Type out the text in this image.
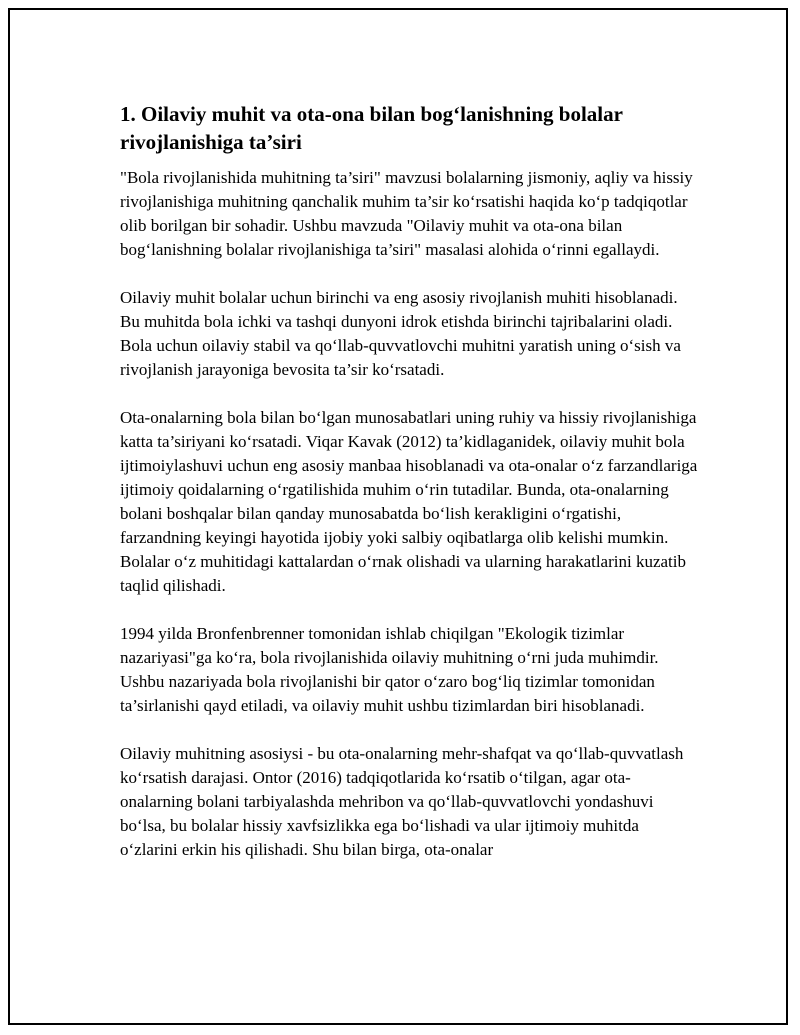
1. Oilaviy muhit va ota-ona bilan bog‘lanishning bolalar rivojlanishiga ta’siri

"Bola rivojlanishida muhitning ta’siri" mavzusi bolalarning jismoniy, aqliy va hissiy rivojlanishiga muhitning qanchalik muhim ta’sir ko‘rsatishi haqida ko‘p tadqiqotlar olib borilgan bir sohadir. Ushbu mavzuda "Oilaviy muhit va ota-ona bilan bog‘lanishning bolalar rivojlanishiga ta’siri" masalasi alohida o‘rinni egallaydi.

Oilaviy muhit bolalar uchun birinchi va eng asosiy rivojlanish muhiti hisoblanadi. Bu muhitda bola ichki va tashqi dunyoni idrok etishda birinchi tajribalarini oladi. Bola uchun oilaviy stabil va qo‘llab-quvvatlovchi muhitni yaratish uning o‘sish va rivojlanish jarayoniga bevosita ta’sir ko‘rsatadi.

Ota-onalarning bola bilan bo‘lgan munosabatlari uning ruhiy va hissiy rivojlanishiga katta ta’siriyani ko‘rsatadi. Viqar Kavak (2012) ta’kidlaganidek, oilaviy muhit bola ijtimoiylashuvi uchun eng asosiy manbaa hisoblanadi va ota-onalar o‘z farzandlariga ijtimoiy qoidalarning o‘rgatilishida muhim o‘rin tutadilar. Bunda, ota-onalarning bolani boshqalar bilan qanday munosabatda bo‘lish kerakligini o‘rgatishi, farzandning keyingi hayotida ijobiy yoki salbiy oqibatlarga olib kelishi mumkin. Bolalar o‘z muhitidagi kattalardan o‘rnak olishadi va ularning harakatlarini kuzatib taqlid qilishadi.

1994 yilda Bronfenbrenner tomonidan ishlab chiqilgan "Ekologik tizimlar nazariyasi"ga ko‘ra, bola rivojlanishida oilaviy muhitning o‘rni juda muhimdir. Ushbu nazariyada bola rivojlanishi bir qator o‘zaro bog‘liq tizimlar tomonidan ta’sirlanishi qayd etiladi, va oilaviy muhit ushbu tizimlardan biri hisoblanadi.

Oilaviy muhitning asosiysi - bu ota-onalarning mehr-shafqat va qo‘llab-quvvatlash ko‘rsatish darajasi. Ontor (2016) tadqiqotlarida ko‘rsatib o‘tilgan, agar ota-onalarning bolani tarbiyalashda mehribon va qo‘llab-quvvatlovchi yondashuvi bo‘lsa, bu bolalar hissiy xavfsizlikka ega bo‘lishadi va ular ijtimoiy muhitda o‘zlarini erkin his qilishadi. Shu bilan birga, ota-onalar
